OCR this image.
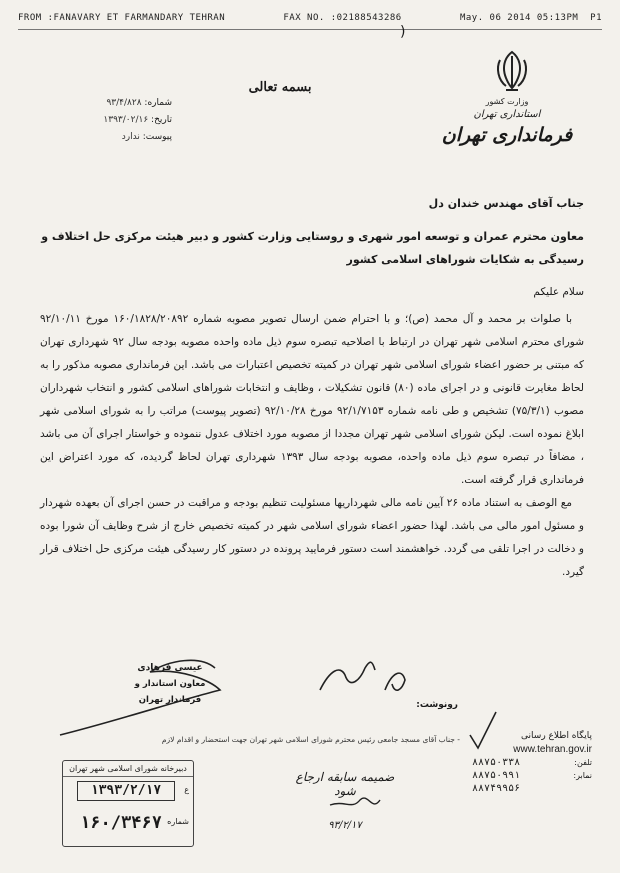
FROM :FANAVARY ET FARMANDARY TEHRAN	FAX NO. :02188543286	May. 06 2014 05:13PM P1
)
وزارت کشور
استانداری تهران
فرمانداری تهران
بسمه تعالی
شماره: ۹۳/۴/۸۲۸
تاریخ: ۱۳۹۳/۰۲/۱۶
پیوست: ندارد
جناب آقای مهندس خندان دل
معاون محترم عمران و توسعه امور شهری و روستایی وزارت کشور و دبیر هیئت مرکزی حل اختلاف و
رسیدگی به شکایات شوراهای اسلامی کشور
سلام علیکم
با صلوات بر محمد و آل محمد (ص)؛ و با احترام ضمن ارسال تصویر مصوبه شماره ۱۶۰/۱۸۲۸/۲۰۸۹۲ مورخ ۹۲/۱۰/۱۱ شورای محترم اسلامی شهر تهران در ارتباط با اصلاحیه تبصره سوم ذیل ماده واحده مصوبه بودجه سال ۹۲ شهرداری تهران که مبتنی بر حضور اعضاء شورای اسلامی شهر تهران در کمیته تخصیص اعتبارات می باشد. این فرمانداری مصوبه مذکور را به لحاظ مغایرت قانونی و در اجرای ماده (۸۰) قانون تشکیلات ، وظایف و انتخابات شوراهای اسلامی کشور و انتخاب شهرداران مصوب (۷۵/۳/۱) تشخیص و طی نامه شماره ۹۲/۱/۷۱۵۳ مورخ ۹۲/۱۰/۲۸ (تصویر پیوست) مراتب را به شورای اسلامی شهر ابلاغ نموده است. لیکن شورای اسلامی شهر تهران مجددا از مصوبه مورد اختلاف عدول ننموده و خواستار اجرای آن می باشد ، مضافاً در تبصره سوم ذیل ماده واحده، مصوبه بودجه سال ۱۳۹۳ شهرداری تهران لحاظ گردیده، که مورد اعتراض این فرمانداری قرار گرفته است.
مع الوصف به استناد ماده ۲۶ آیین نامه مالی شهرداریها مسئولیت تنظیم بودجه و مراقبت در حسن اجرای آن بعهده شهردار و مسئول امور مالی می باشد. لهذا حضور اعضاء شورای اسلامی شهر در کمیته تخصیص خارج از شرح وظایف آن شورا بوده و دخالت در اجرا تلقی می گردد. خواهشمند است دستور فرمایید پرونده در دستور کار رسیدگی هیئت مرکزی حل اختلاف قرار گیرد.
عیسی فرهادی
معاون استاندار و فرماندار تهران	رونوشت:
- جناب آقای مسجد جامعی رئیس محترم شورای اسلامی شهر تهران جهت استحضار و اقدام لازم	پایگاه اطلاع رسانی
www.tehran.gov.ir
۸۸۷۵۰۳۳۸	تلفن:
۸۸۷۵۰۹۹۱	نمابر:
۸۸۷۴۹۹۵۶
دبیرخانه شورای اسلامی شهر تهران
۱۳۹۳/۲/۱۷	ع
شماره
۱۶۰/۳۴۶۷
ضمیمه سابقه ارجاع شود
۹۳/۲/۱۷
